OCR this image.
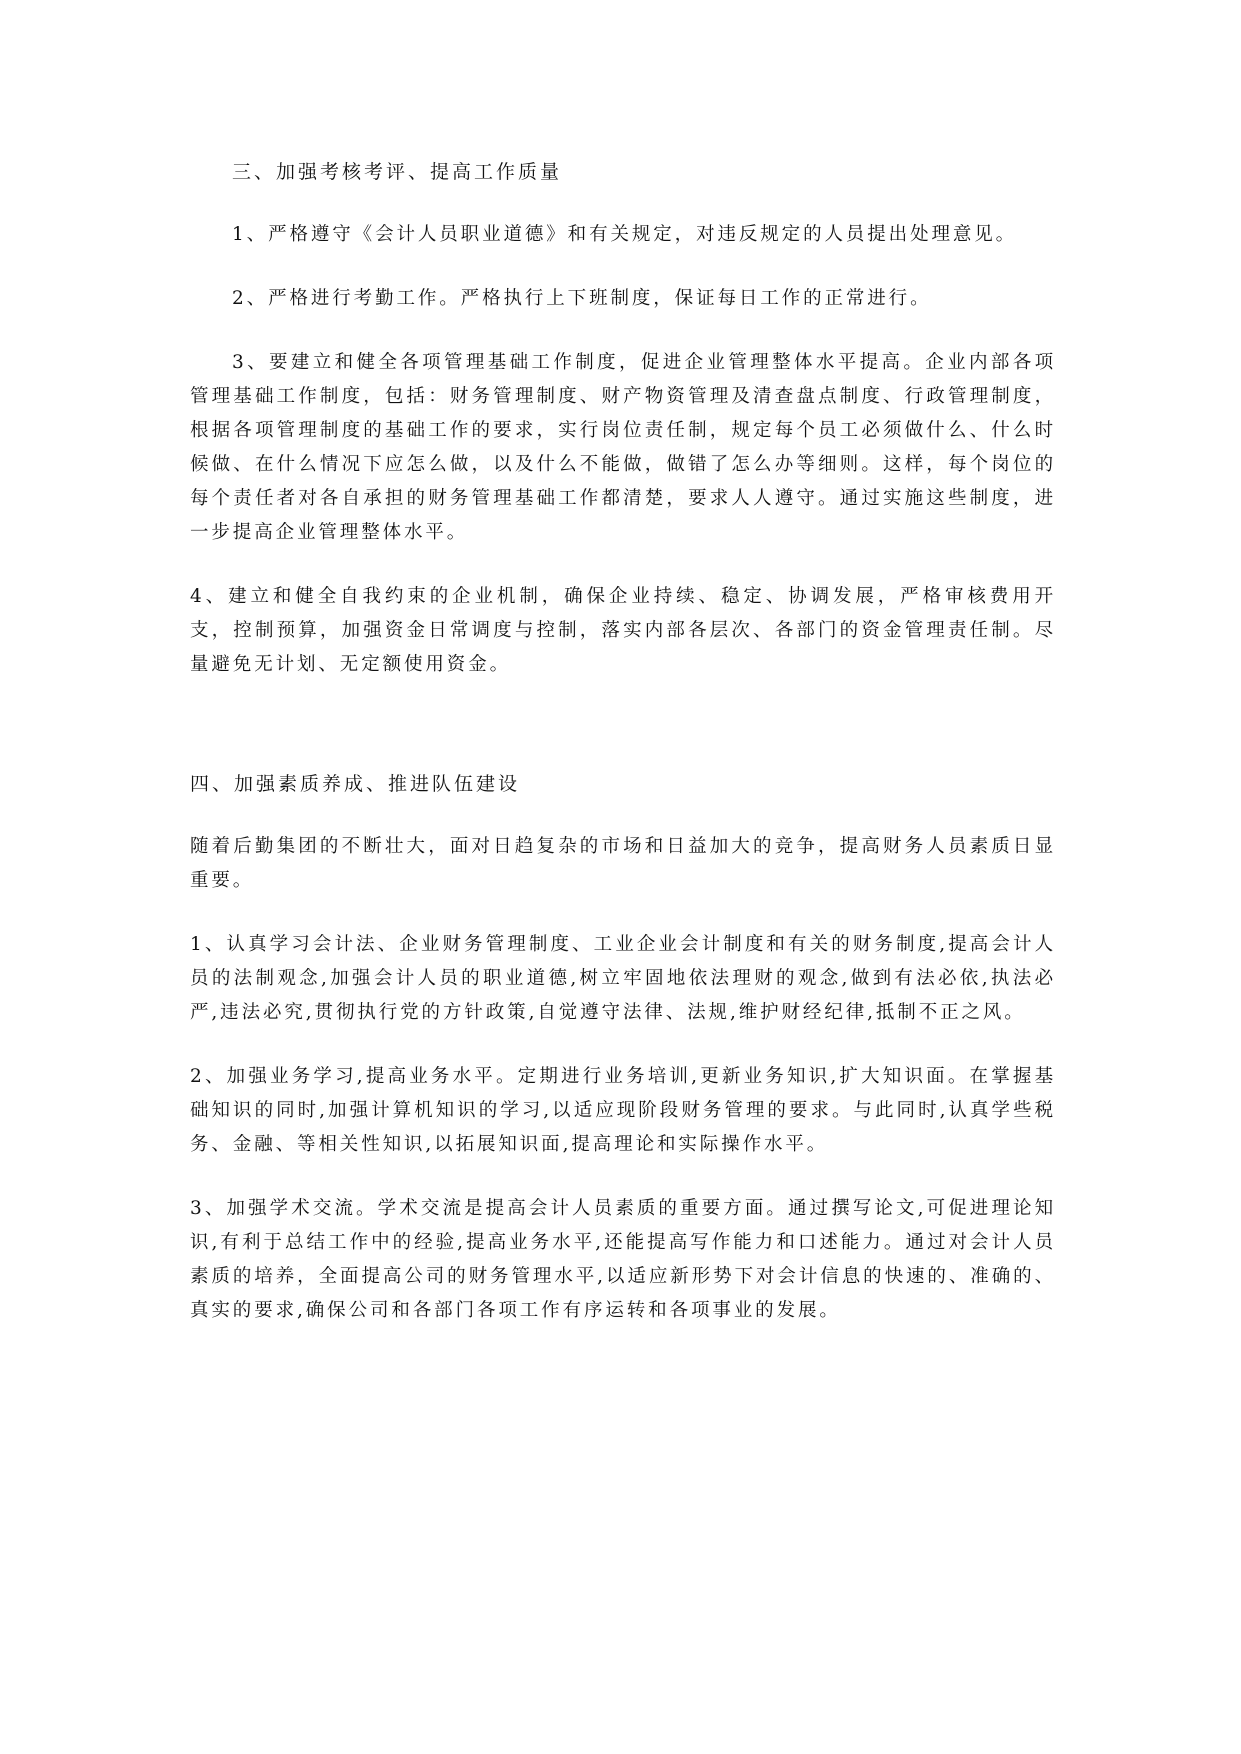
三、加强考核考评、提高工作质量

1、严格遵守《会计人员职业道德》和有关规定，对违反规定的人员提出处理意见。

2、严格进行考勤工作。严格执行上下班制度，保证每日工作的正常进行。

3、要建立和健全各项管理基础工作制度，促进企业管理整体水平提高。企业内部各项管理基础工作制度，包括：财务管理制度、财产物资管理及清查盘点制度、行政管理制度，根据各项管理制度的基础工作的要求，实行岗位责任制，规定每个员工必须做什么、什么时候做、在什么情况下应怎么做，以及什么不能做，做错了怎么办等细则。这样，每个岗位的每个责任者对各自承担的财务管理基础工作都清楚，要求人人遵守。通过实施这些制度，进一步提高企业管理整体水平。

4、建立和健全自我约束的企业机制，确保企业持续、稳定、协调发展，严格审核费用开支，控制预算，加强资金日常调度与控制，落实内部各层次、各部门的资金管理责任制。尽量避免无计划、无定额使用资金。

四、加强素质养成、推进队伍建设

随着后勤集团的不断壮大，面对日趋复杂的市场和日益加大的竞争，提高财务人员素质日显重要。

1、认真学习会计法、企业财务管理制度、工业企业会计制度和有关的财务制度,提高会计人员的法制观念,加强会计人员的职业道德,树立牢固地依法理财的观念,做到有法必依,执法必严,违法必究,贯彻执行党的方针政策,自觉遵守法律、法规,维护财经纪律,抵制不正之风。

2、加强业务学习,提高业务水平。定期进行业务培训,更新业务知识,扩大知识面。在掌握基础知识的同时,加强计算机知识的学习,以适应现阶段财务管理的要求。与此同时,认真学些税务、金融、等相关性知识,以拓展知识面,提高理论和实际操作水平。

3、加强学术交流。学术交流是提高会计人员素质的重要方面。通过撰写论文,可促进理论知识,有利于总结工作中的经验,提高业务水平,还能提高写作能力和口述能力。通过对会计人员素质的培养，全面提高公司的财务管理水平,以适应新形势下对会计信息的快速的、准确的、真实的要求,确保公司和各部门各项工作有序运转和各项事业的发展。
